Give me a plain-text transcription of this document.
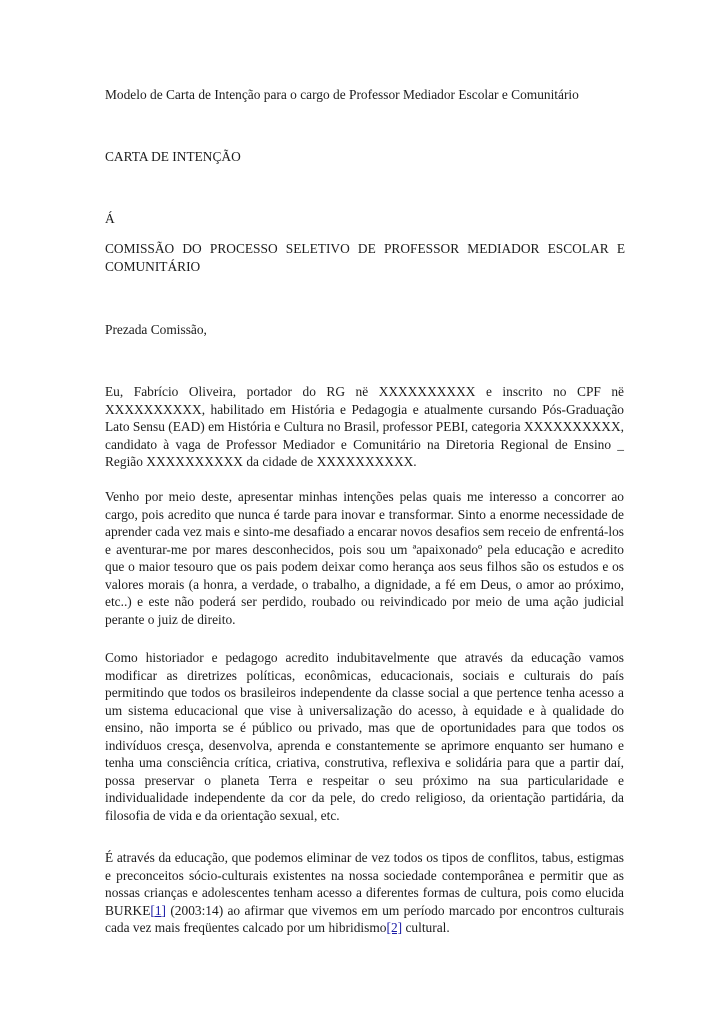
Modelo de Carta de Intenção para o cargo de Professor Mediador Escolar e Comunitário

CARTA DE INTENÇÃO

Á

COMISSÃO DO PROCESSO SELETIVO DE PROFESSOR MEDIADOR ESCOLAR E COMUNITÁRIO

Prezada Comissão,

Eu, Fabrício Oliveira, portador do RG në XXXXXXXXXX e inscrito no CPF në XXXXXXXXXX, habilitado em História e Pedagogia e atualmente cursando Pós-Graduação Lato Sensu (EAD) em História e Cultura no Brasil, professor PEBI, categoria XXXXXXXXXX, candidato à vaga de Professor Mediador e Comunitário na Diretoria Regional de Ensino _ Região XXXXXXXXXX da cidade de XXXXXXXXXX.

Venho por meio deste, apresentar minhas intenções pelas quais me interesso a concorrer ao cargo, pois acredito que nunca é tarde para inovar e transformar. Sinto a enorme necessidade de aprender cada vez mais e sinto-me desafiado a encarar novos desafios sem receio de enfrentá-los e aventurar-me por mares desconhecidos, pois sou um ªapaixonadoº pela educação e acredito que o maior tesouro que os pais podem deixar como herança aos seus filhos são os estudos e os valores morais (a honra, a verdade, o trabalho, a dignidade, a fé em Deus, o amor ao próximo, etc..) e este não poderá ser perdido, roubado ou reivindicado por meio de uma ação judicial perante o juiz de direito.

Como historiador e pedagogo acredito indubitavelmente que através da educação vamos modificar as diretrizes políticas, econômicas, educacionais, sociais e culturais do país permitindo que todos os brasileiros independente da classe social a que pertence tenha acesso a um sistema educacional que vise à universalização do acesso, à equidade e à qualidade do ensino, não importa se é público ou privado, mas que de oportunidades para que todos os indivíduos cresça, desenvolva, aprenda e constantemente se aprimore enquanto ser humano e tenha uma consciência crítica, criativa, construtiva, reflexiva e solidária para que a partir daí, possa preservar o planeta Terra e respeitar o seu próximo na sua particularidade e individualidade independente da cor da pele, do credo religioso, da orientação partidária, da filosofia de vida e da orientação sexual, etc.

É através da educação, que podemos eliminar de vez todos os tipos de conflitos, tabus, estigmas e preconceitos sócio-culturais existentes na nossa sociedade contemporânea e permitir que as nossas crianças e adolescentes tenham acesso a diferentes formas de cultura, pois como elucida BURKE[1] (2003:14) ao afirmar que vivemos em um período marcado por encontros culturais cada vez mais freqüentes calcado por um hibridismo[2] cultural.
